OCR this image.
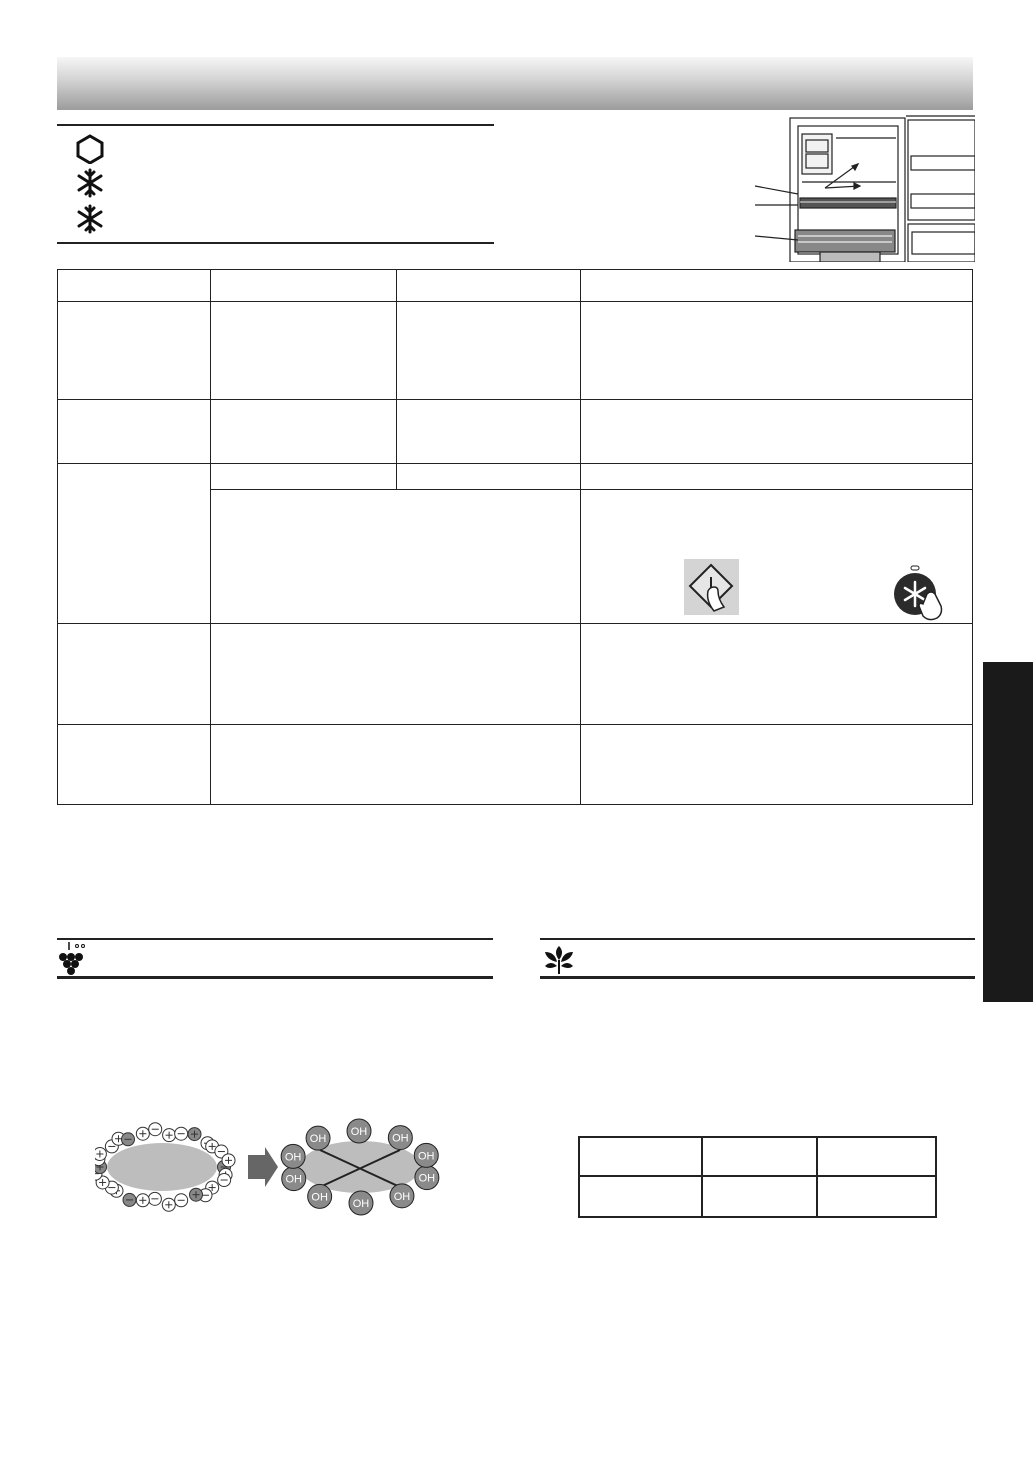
OH
OH
OH
OH
OH
OH
OH
OH
OH
OH
